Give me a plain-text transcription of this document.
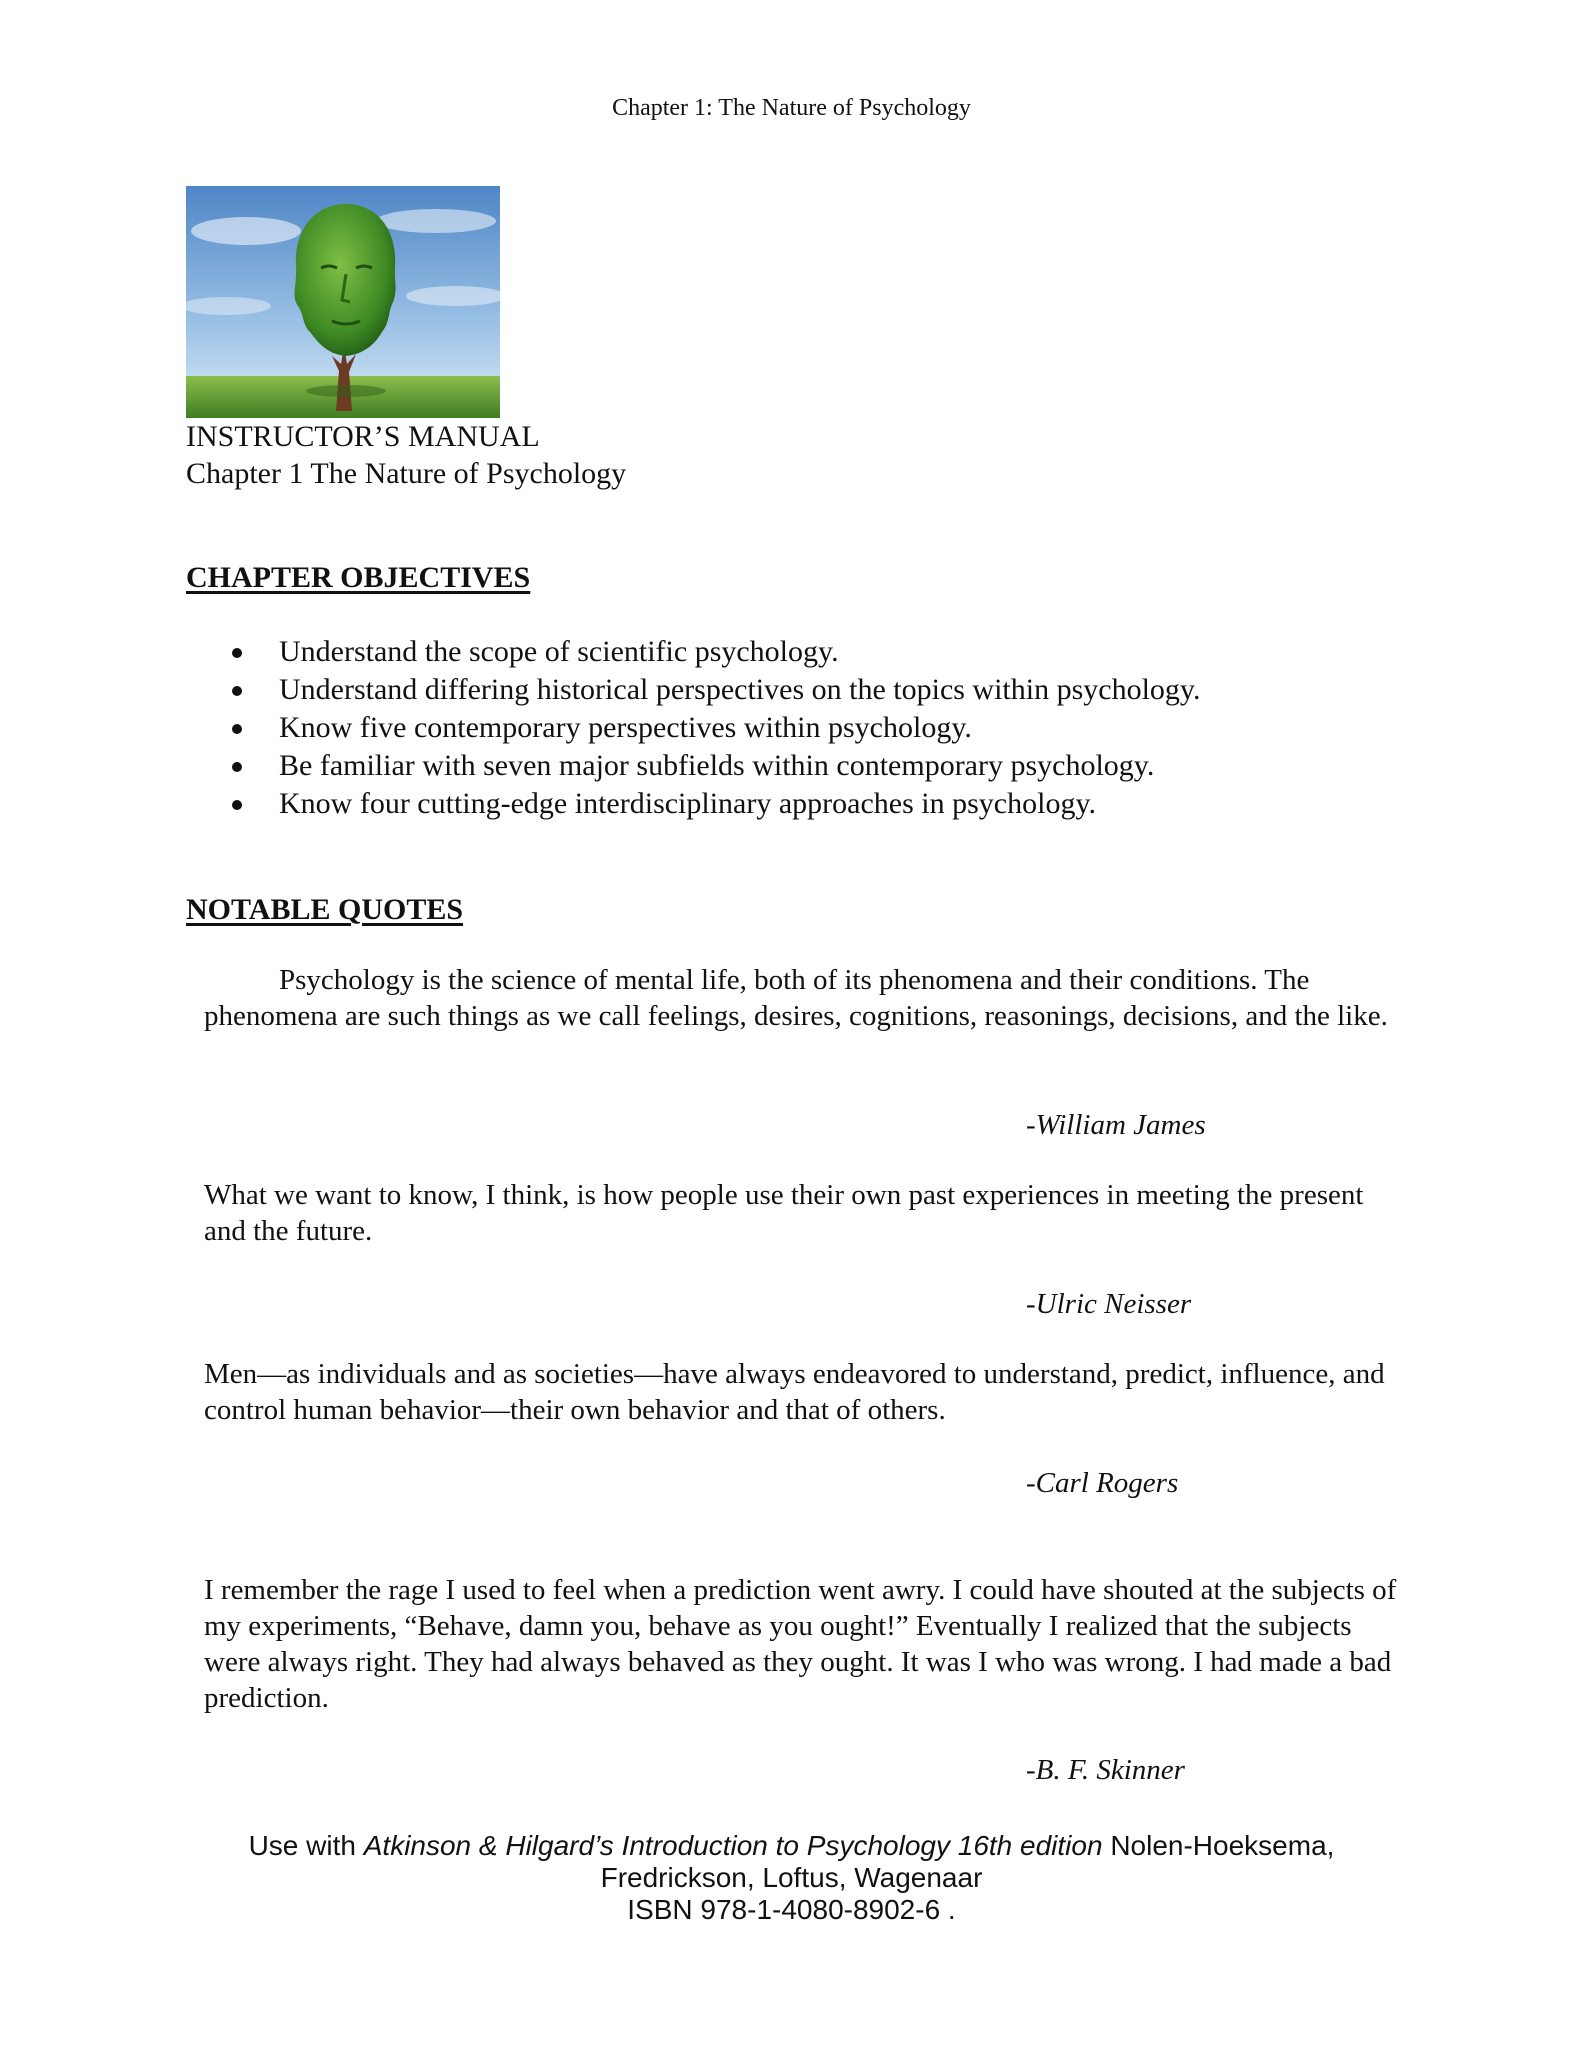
Chapter 1: The Nature of Psychology
INSTRUCTOR’S MANUAL
Chapter 1 The Nature of Psychology
CHAPTER OBJECTIVES
Understand the scope of scientific psychology.
Understand differing historical perspectives on the topics within psychology.
Know five contemporary perspectives within psychology.
Be familiar with seven major subfields within contemporary psychology.
Know four cutting-edge interdisciplinary approaches in psychology.
NOTABLE QUOTES
Psychology is the science of mental life, both of its phenomena and their conditions. The phenomena are such things as we call feelings, desires, cognitions, reasonings, decisions, and the like.
-William James
What we want to know, I think, is how people use their own past experiences in meeting the present and the future.
-Ulric Neisser
Men—as individuals and as societies—have always endeavored to understand, predict, influence, and control human behavior—their own behavior and that of others.
-Carl Rogers
I remember the rage I used to feel when a prediction went awry. I could have shouted at the subjects of my experiments, “Behave, damn you, behave as you ought!” Eventually I realized that the subjects were always right. They had always behaved as they ought. It was I who was wrong. I had made a bad prediction.
-B. F. Skinner
Use with Atkinson & Hilgard’s Introduction to Psychology 16th edition Nolen-Hoeksema,
Fredrickson, Loftus, Wagenaar
ISBN 978-1-4080-8902-6 .
